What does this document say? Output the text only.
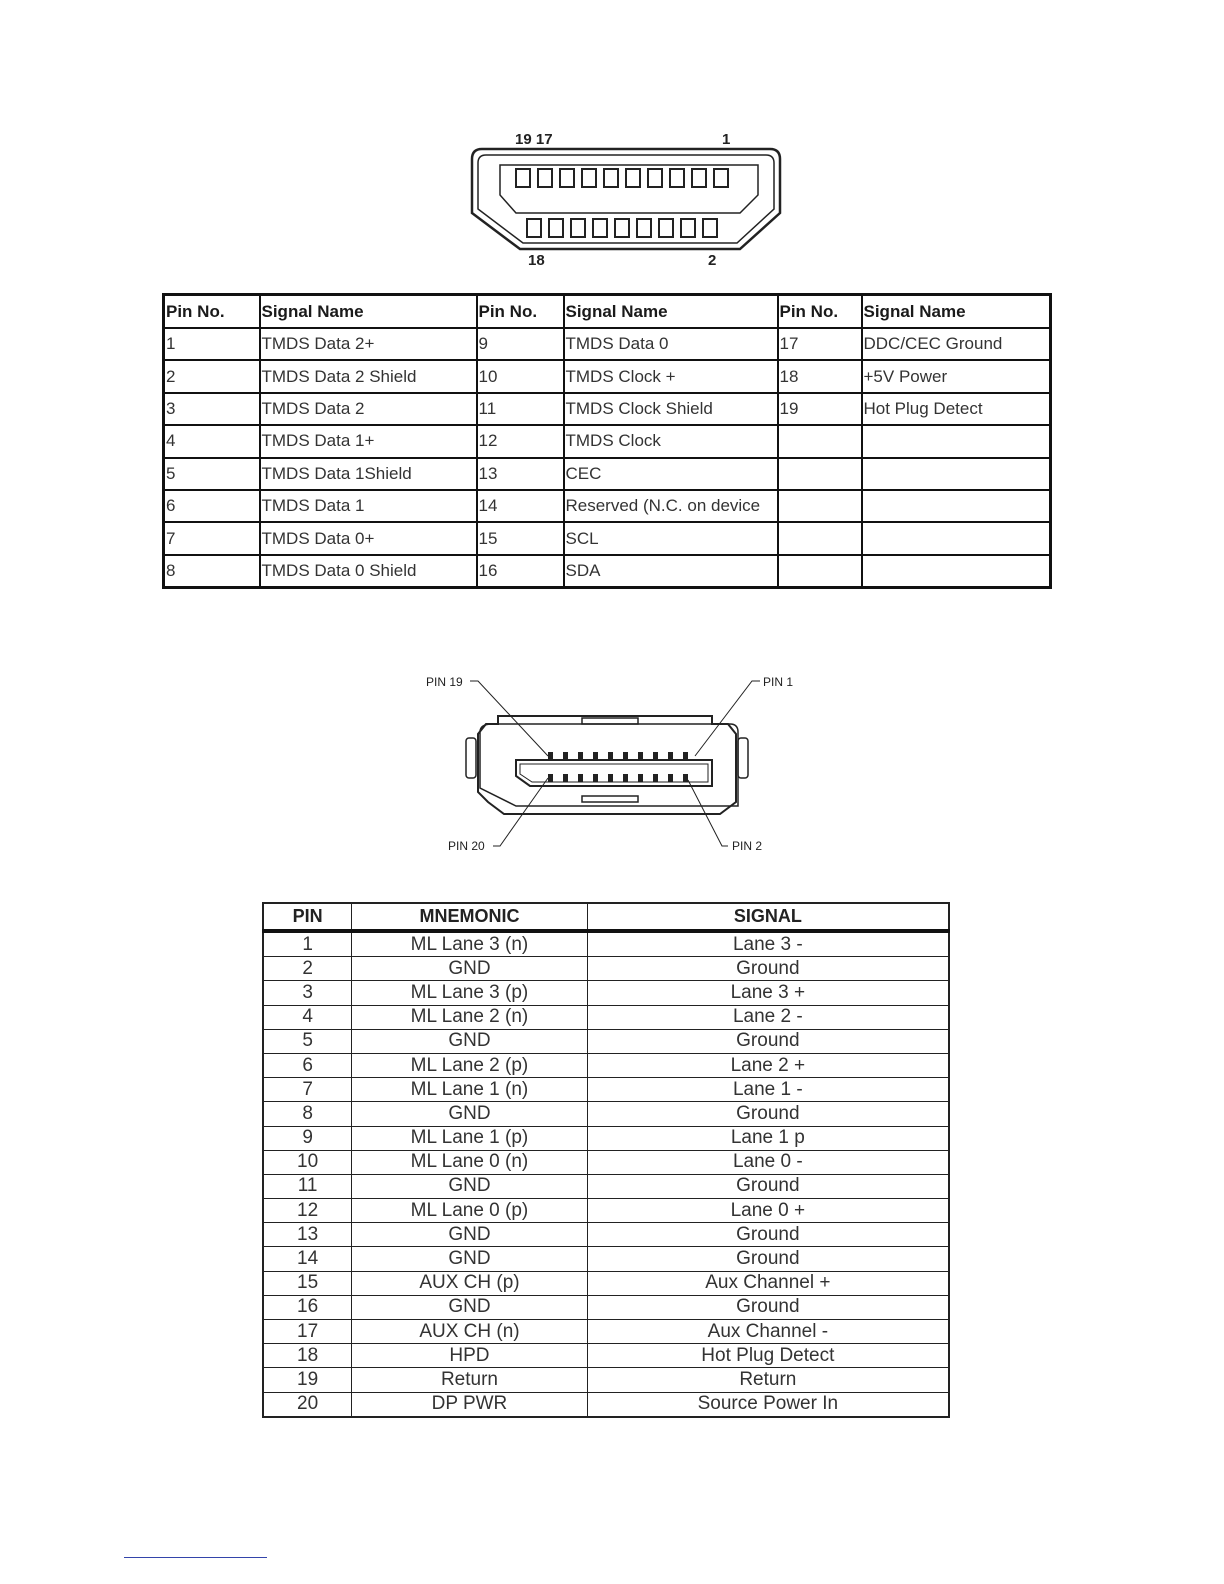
19 17	1
18	2
Pin No.	Signal Name	Pin No.	Signal Name	Pin No.	Signal Name
1	TMDS Data 2+	9	TMDS Data 0	17	DDC/CEC Ground
2	TMDS Data 2 Shield	10	TMDS Clock +	18	+5V Power
3	TMDS Data 2	11	TMDS Clock Shield	19	Hot Plug Detect
4	TMDS Data 1+	12	TMDS Clock		
5	TMDS Data 1Shield	13	CEC		
6	TMDS Data 1	14	Reserved (N.C. on device		
7	TMDS Data 0+	15	SCL		
8	TMDS Data 0 Shield	16	SDA		
PIN 19	PIN 1
PIN 20	PIN 2
PIN	MNEMONIC	SIGNAL
1	ML Lane 3 (n)	Lane 3 -
2	GND	Ground
3	ML Lane 3 (p)	Lane 3 +
4	ML Lane 2 (n)	Lane 2 -
5	GND	Ground
6	ML Lane 2 (p)	Lane 2 +
7	ML Lane 1 (n)	Lane 1 -
8	GND	Ground
9	ML Lane 1 (p)	Lane 1 p
10	ML Lane 0 (n)	Lane 0 -
11	GND	Ground
12	ML Lane 0 (p)	Lane 0 +
13	GND	Ground
14	GND	Ground
15	AUX CH (p)	Aux Channel +
16	GND	Ground
17	AUX CH (n)	Aux Channel -
18	HPD	Hot Plug Detect
19	Return	Return
20	DP PWR	Source Power In
